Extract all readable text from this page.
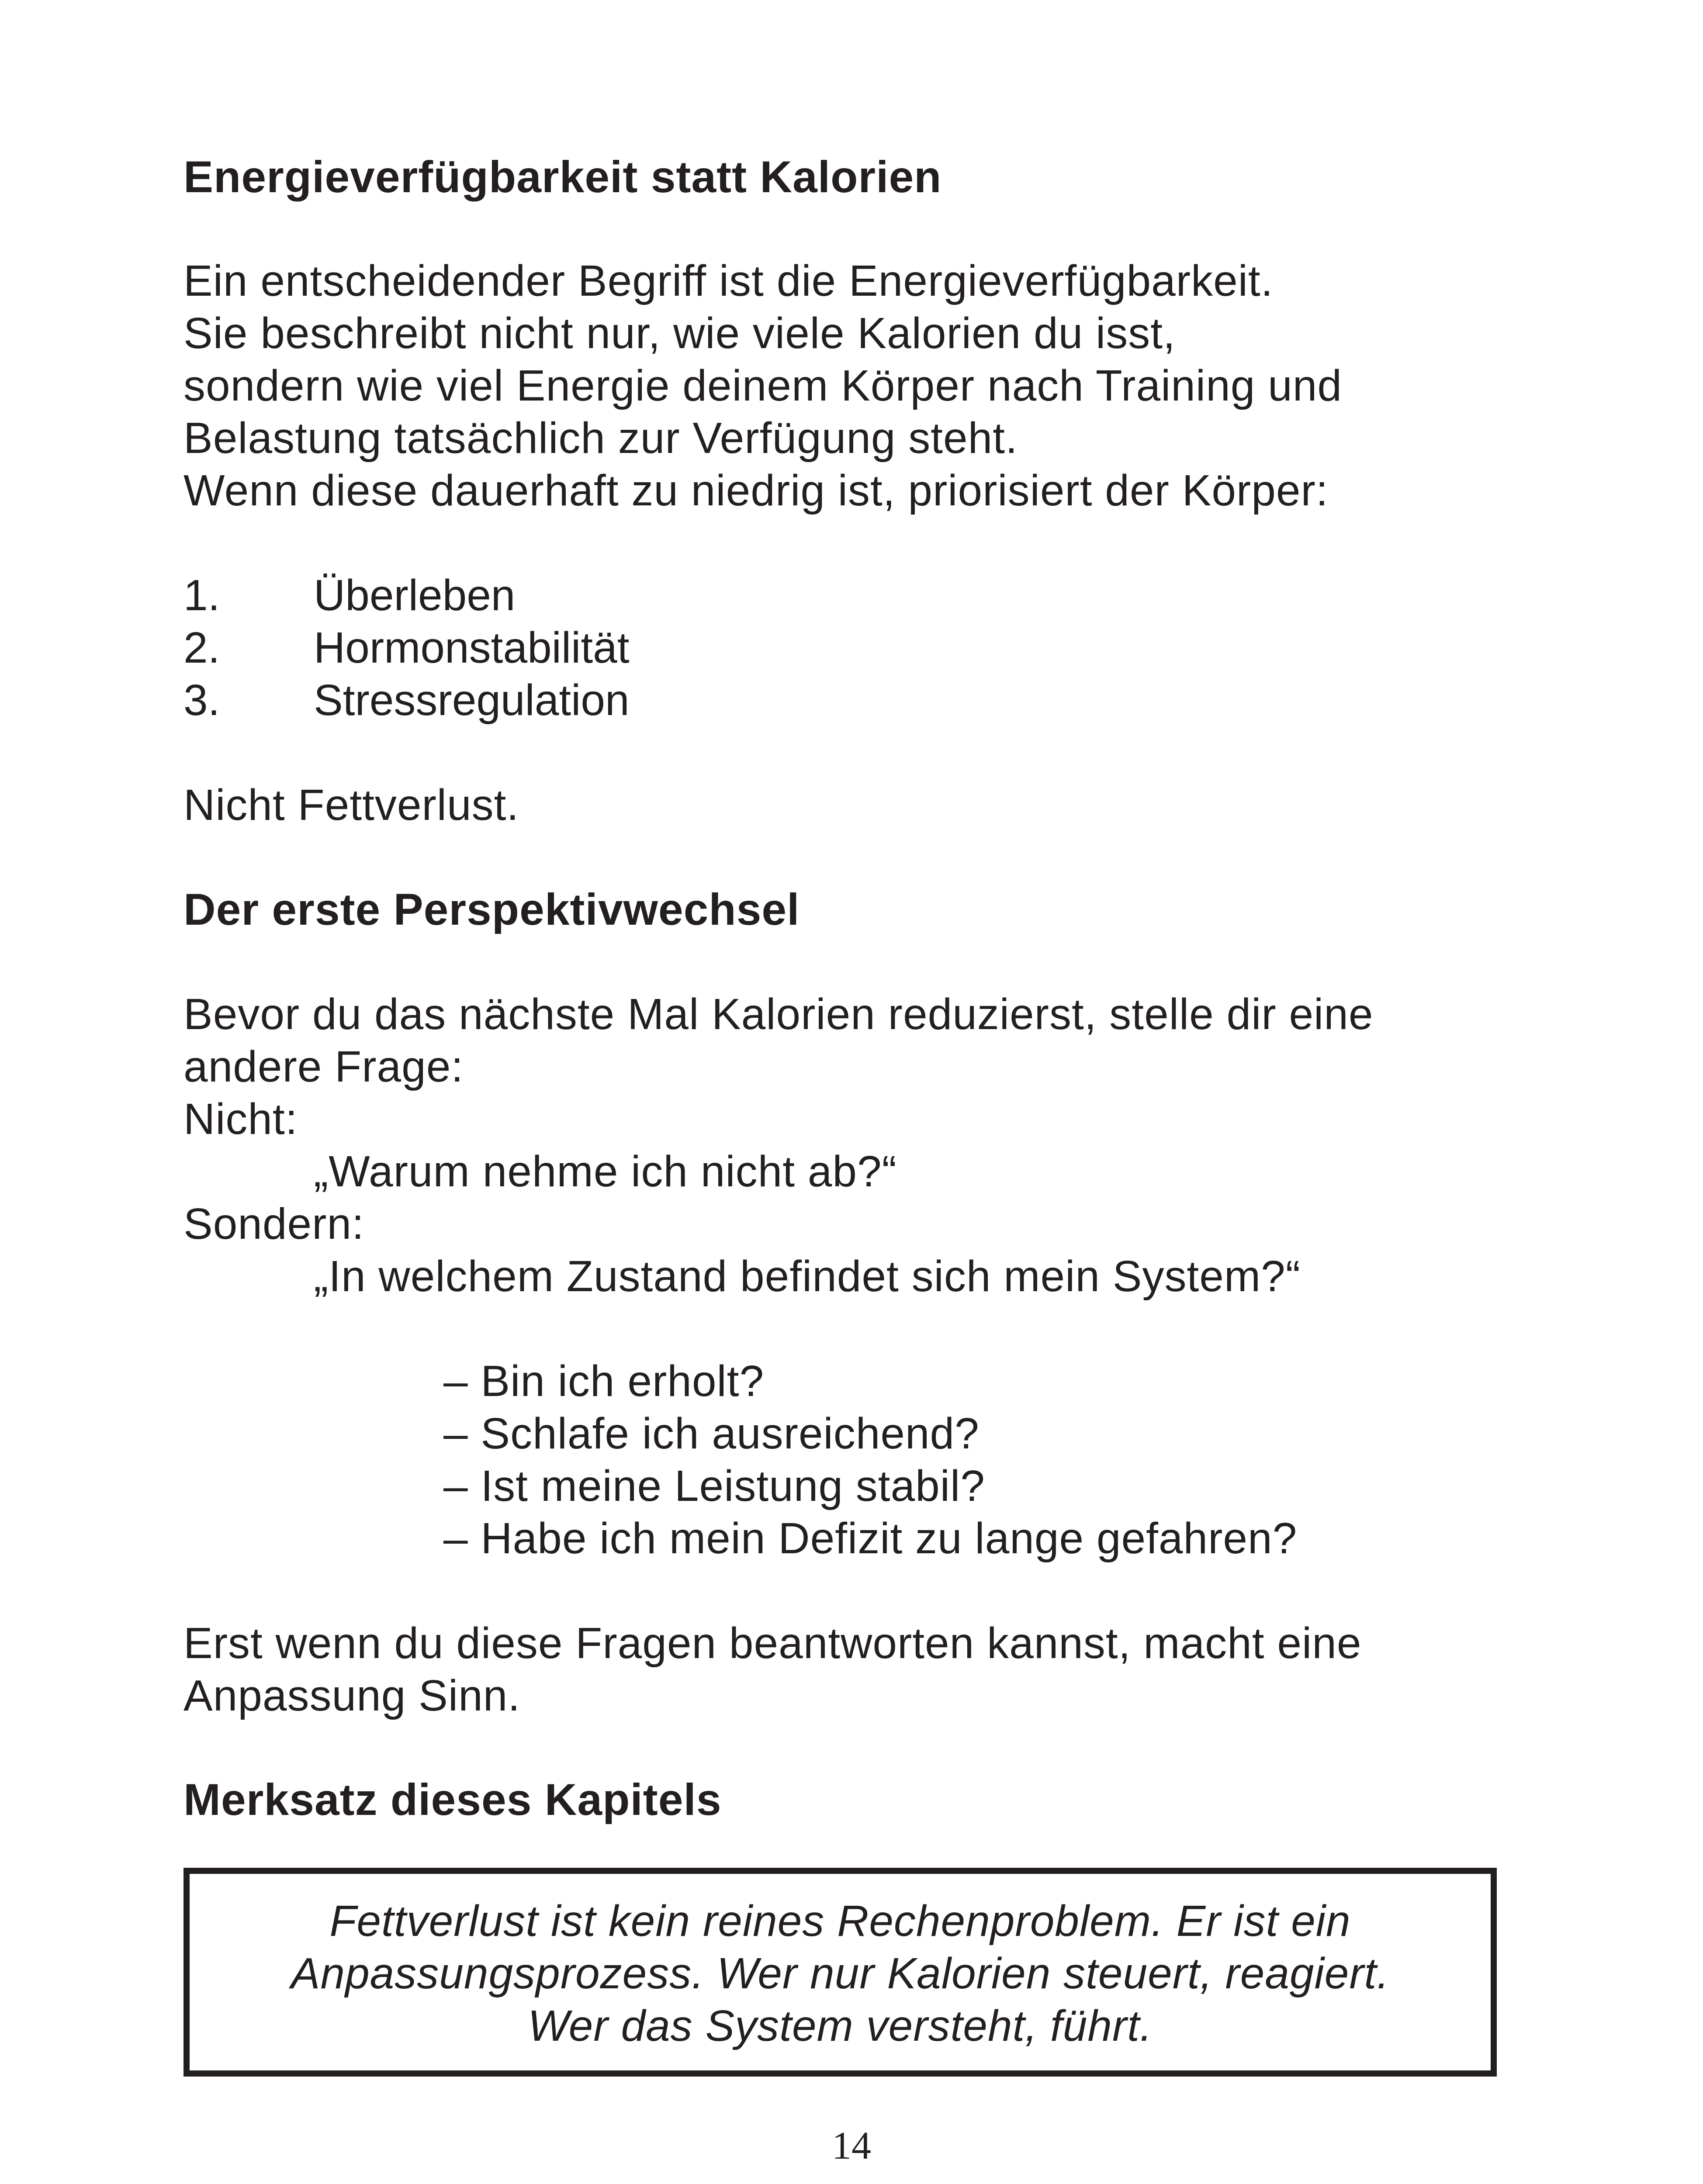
Energieverfügbarkeit statt Kalorien

Ein entscheidender Begriff ist die Energieverfügbarkeit.

Sie beschreibt nicht nur, wie viele Kalorien du isst,

sondern wie viel Energie deinem Körper nach Training und

Belastung tatsächlich zur Verfügung steht.

Wenn diese dauerhaft zu niedrig ist, priorisiert der Körper:

1. Überleben
2. Hormonstabilität
3. Stressregulation

Nicht Fettverlust.

Der erste Perspektivwechsel

Bevor du das nächste Mal Kalorien reduzierst, stelle dir eine

andere Frage:

Nicht:

„Warum nehme ich nicht ab?“

Sondern:

„In welchem Zustand befindet sich mein System?“

– Bin ich erholt?

– Schlafe ich ausreichend?

– Ist meine Leistung stabil?

– Habe ich mein Defizit zu lange gefahren?

Erst wenn du diese Fragen beantworten kannst, macht eine

Anpassung Sinn.

Merksatz dieses Kapitels

Fettverlust ist kein reines Rechenproblem. Er ist ein
Anpassungsprozess. Wer nur Kalorien steuert, reagiert.
Wer das System versteht, führt.
14
